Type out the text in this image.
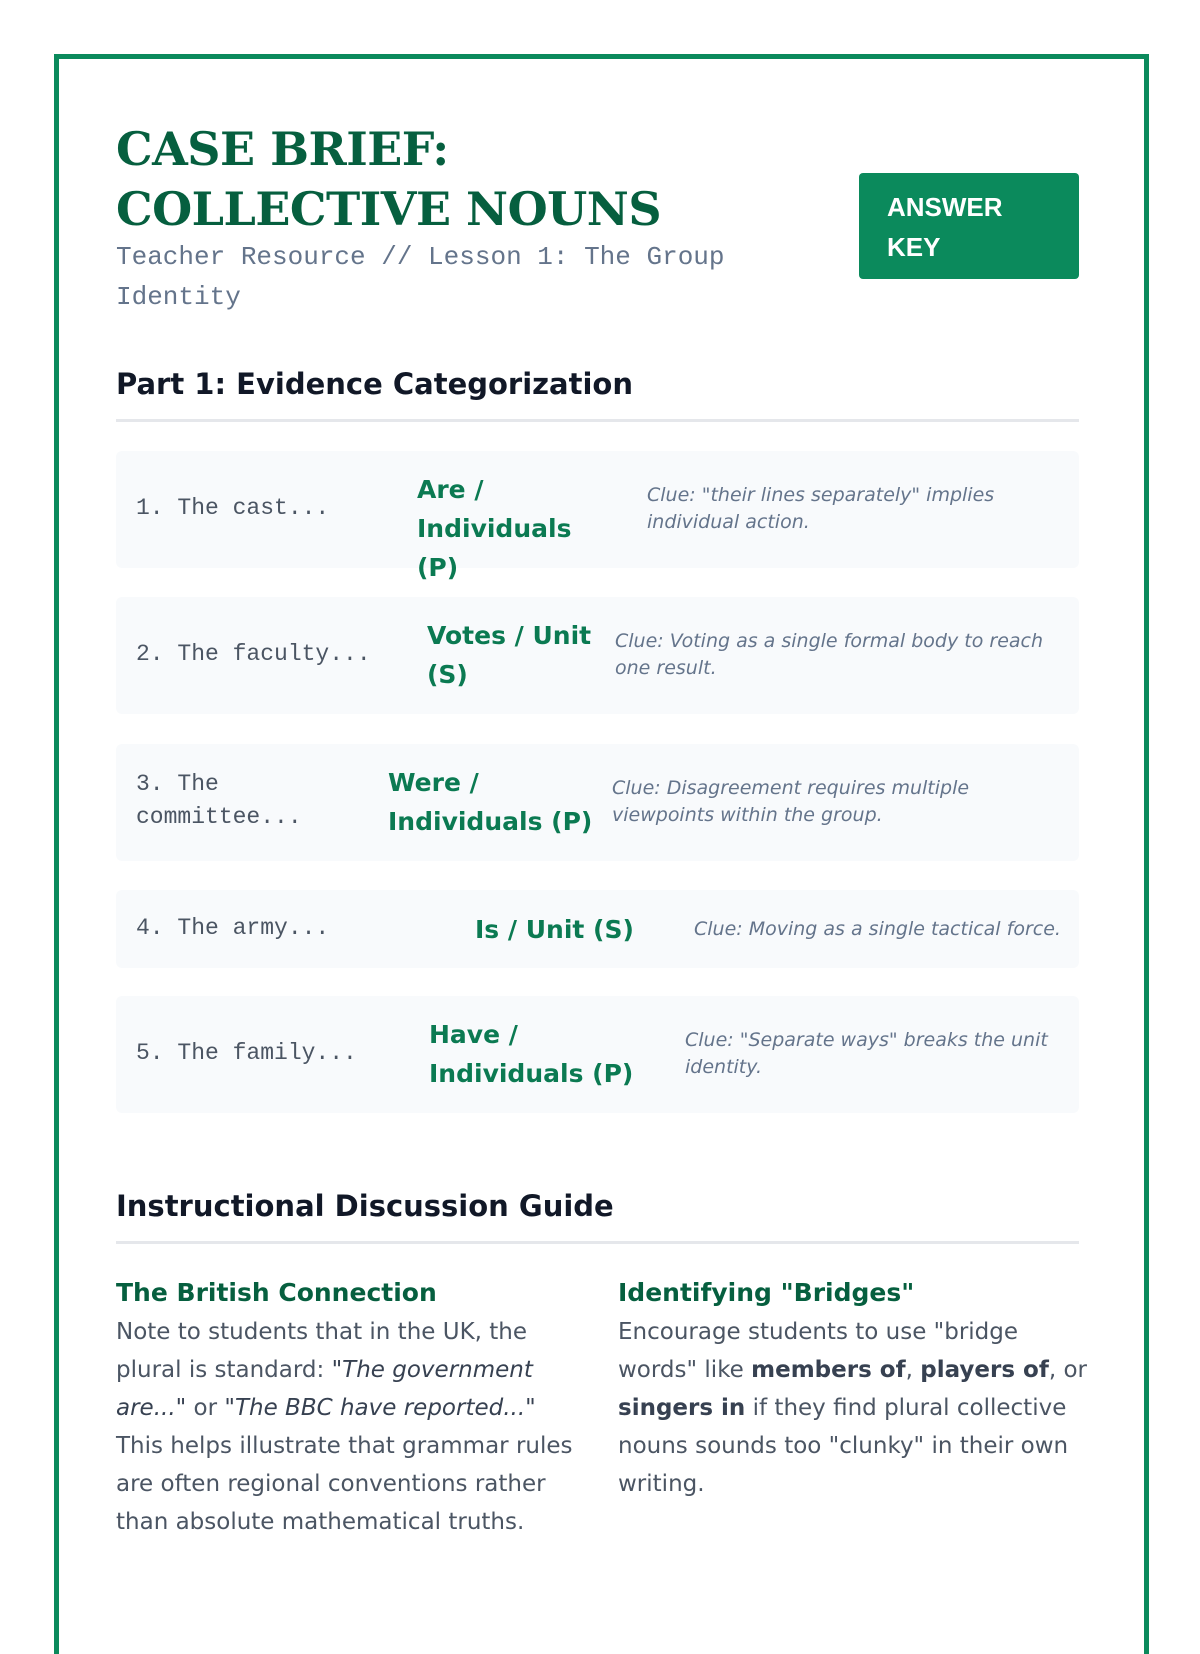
CASE BRIEF: COLLECTIVE NOUNS
Teacher Resource // Lesson 1: The Group Identity
ANSWER KEY
Part 1: Evidence Categorization
1. The cast...
Are / Individuals (P)
Clue: "their lines separately" implies individual action.
2. The faculty...
Votes / Unit (S)
Clue: Voting as a single formal body to reach one result.
3. The committee...
Were / Individuals (P)
Clue: Disagreement requires multiple viewpoints within the group.
4. The army...	Is / Unit (S)	Clue: Moving as a single tactical force.
5. The family...
Have / Individuals (P)
Clue: "Separate ways" breaks the unit identity.
Instructional Discussion Guide
The British Connection
Note to students that in the UK, the plural is standard: "The government are..." or "The BBC have reported..." This helps illustrate that grammar rules are often regional conventions rather than absolute mathematical truths.
Identifying "Bridges"
Encourage students to use "bridge words" like members of, players of, or singers in if they find plural collective nouns sounds too "clunky" in their own writing.
